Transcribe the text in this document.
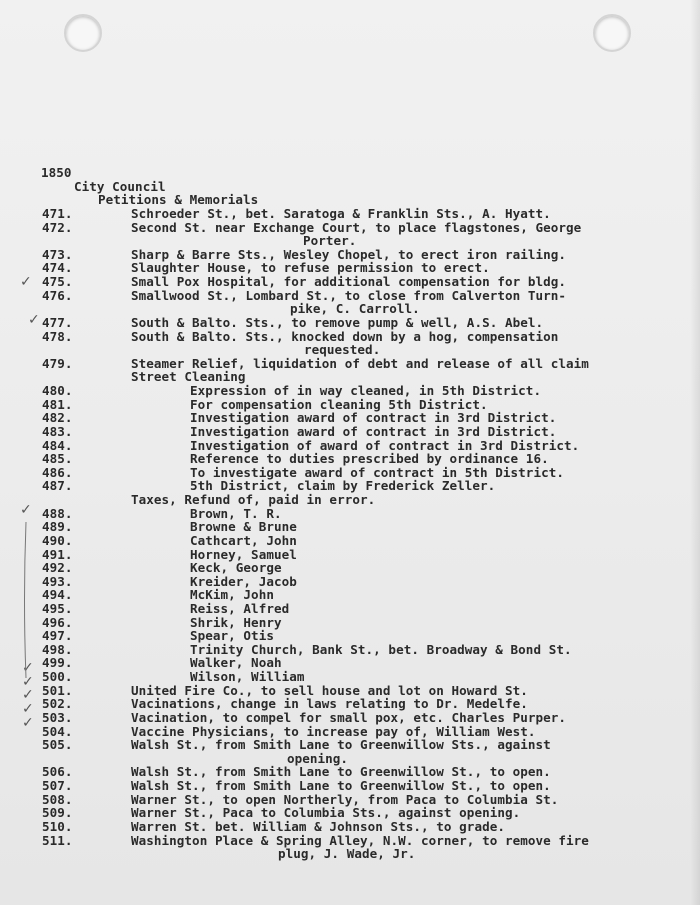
1850
City Council
Petitions & Memorials
471.	Schroeder St., bet. Saratoga & Franklin Sts., A. Hyatt.
472.	Second St. near Exchange Court, to place flagstones, George
Porter.
473.	Sharp & Barre Sts., Wesley Chopel, to erect iron railing.
474.	Slaughter House, to refuse permission to erect.
475.	Small Pox Hospital, for additional compensation for bldg.
476.	Smallwood St., Lombard St., to close from Calverton Turn-
pike, C. Carroll.
477.	South & Balto. Sts., to remove pump & well, A.S. Abel.
478.	South & Balto. Sts., knocked down by a hog, compensation
requested.
479.	Steamer Relief, liquidation of debt and release of all claim
Street Cleaning
480.	Expression of in way cleaned, in 5th District.
481.	For compensation cleaning 5th District.
482.	Investigation award of contract in 3rd District.
483.	Investigation award of contract in 3rd District.
484.	Investigation of award of contract in 3rd District.
485.	Reference to duties prescribed by ordinance 16.
486.	To investigate award of contract in 5th District.
487.	5th District, claim by Frederick Zeller.
Taxes, Refund of, paid in error.
488.	Brown, T. R.
489.	Browne & Brune
490.	Cathcart, John
491.	Horney, Samuel
492.	Keck, George
493.	Kreider, Jacob
494.	McKim, John
495.	Reiss, Alfred
496.	Shrik, Henry
497.	Spear, Otis
498.	Trinity Church, Bank St., bet. Broadway & Bond St.
499.	Walker, Noah
500.	Wilson, William
501.	United Fire Co., to sell house and lot on Howard St.
502.	Vacinations, change in laws relating to Dr. Medelfe.
503.	Vacination, to compel for small pox, etc. Charles Purper.
504.	Vaccine Physicians, to increase pay of, William West.
505.	Walsh St., from Smith Lane to Greenwillow Sts., against
opening.
506.	Walsh St., from Smith Lane to Greenwillow St., to open.
507.	Walsh St., from Smith Lane to Greenwillow St., to open.
508.	Warner St., to open Northerly, from Paca to Columbia St.
509.	Warner St., Paca to Columbia Sts., against opening.
510.	Warren St. bet. William & Johnson Sts., to grade.
511.	Washington Place & Spring Alley, N.W. corner, to remove fire
plug, J. Wade, Jr.
✓
✓
✓
✓
✓
✓
✓
✓
